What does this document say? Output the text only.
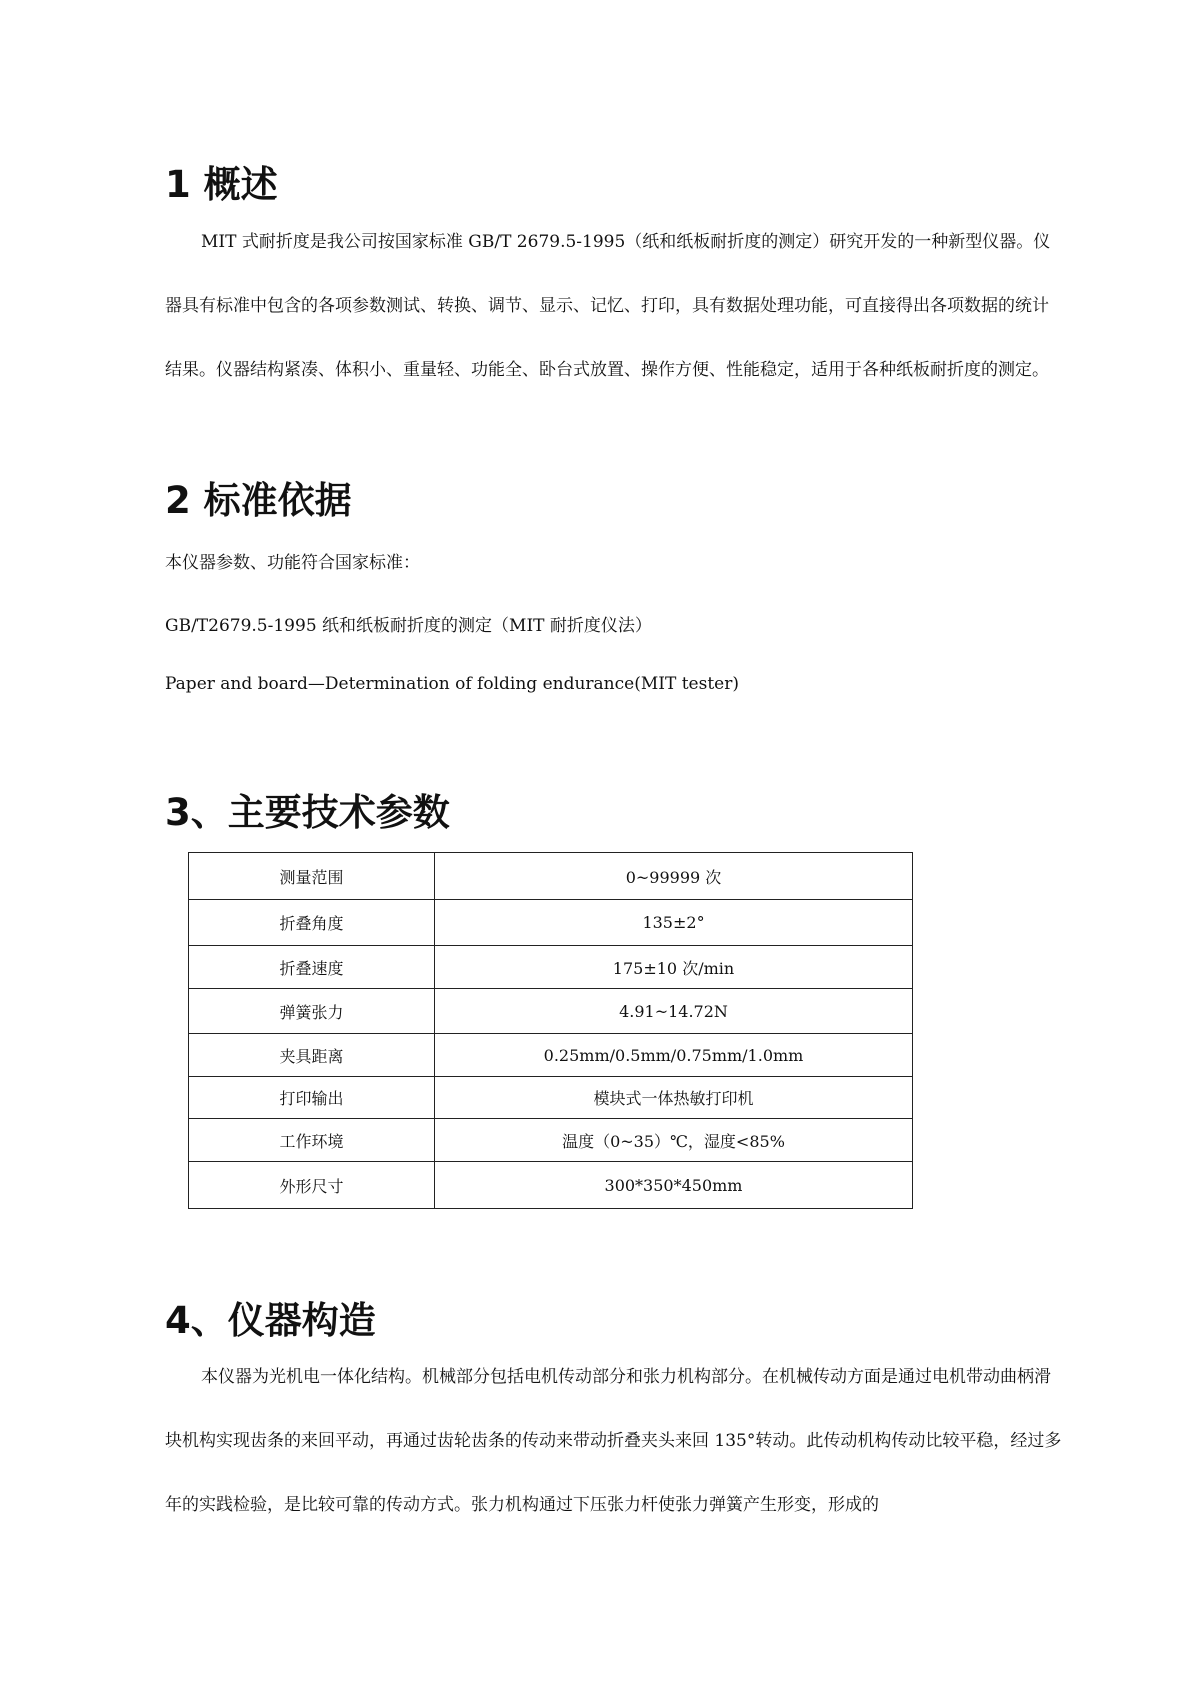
1 概述

MIT 式耐折度是我公司按国家标准 GB/T 2679.5-1995（纸和纸板耐折度的测定）研究开发的一种新型仪器。仪器具有标准中包含的各项参数测试、转换、调节、显示、记忆、打印，具有数据处理功能，可直接得出各项数据的统计结果。仪器结构紧凑、体积小、重量轻、功能全、卧台式放置、操作方便、性能稳定，适用于各种纸板耐折度的测定。

2 标准依据

本仪器参数、功能符合国家标准：

GB/T2679.5-1995 纸和纸板耐折度的测定（MIT 耐折度仪法）

Paper and board—Determination of folding endurance(MIT tester)

3、主要技术参数
测量范围	0~99999 次
折叠角度	135±2°
折叠速度	175±10 次/min
弹簧张力	4.91~14.72N
夹具距离	0.25mm/0.5mm/0.75mm/1.0mm
打印输出	模块式一体热敏打印机
工作环境	温度（0~35）℃，湿度<85%
外形尺寸	300*350*450mm
4、仪器构造

本仪器为光机电一体化结构。机械部分包括电机传动部分和张力机构部分。在机械传动方面是通过电机带动曲柄滑块机构实现齿条的来回平动，再通过齿轮齿条的传动来带动折叠夹头来回 135°转动。此传动机构传动比较平稳，经过多年的实践检验，是比较可靠的传动方式。张力机构通过下压张力杆使张力弹簧产生形变，形成的
